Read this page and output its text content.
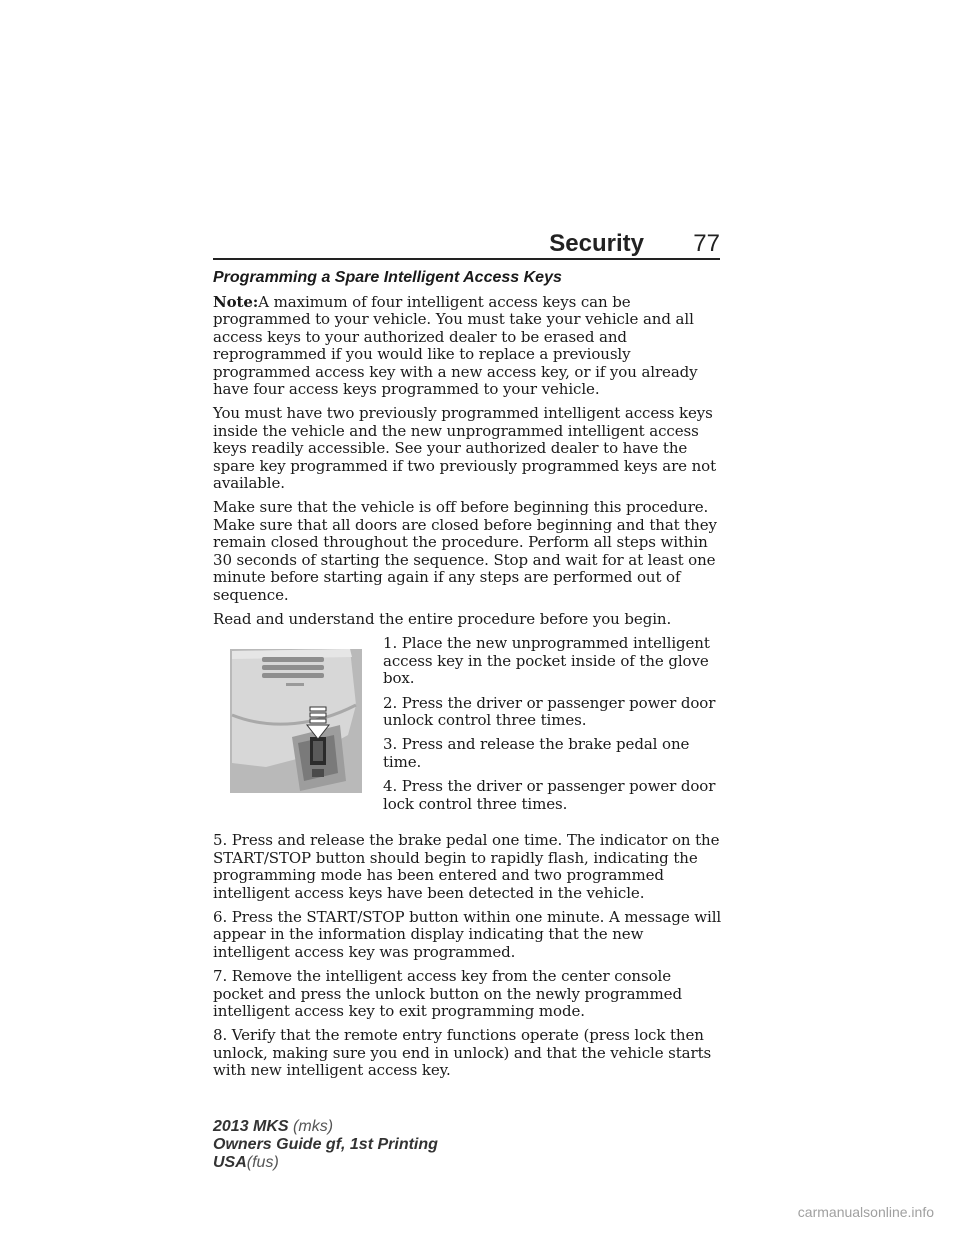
Security 77
Programming a Spare Intelligent Access Keys

Note:A maximum of four intelligent access keys can be programmed to your vehicle. You must take your vehicle and all access keys to your authorized dealer to be erased and reprogrammed if you would like to replace a previously programmed access key with a new access key, or if you already have four access keys programmed to your vehicle.

You must have two previously programmed intelligent access keys inside the vehicle and the new unprogrammed intelligent access keys readily accessible. See your authorized dealer to have the spare key programmed if two previously programmed keys are not available.

Make sure that the vehicle is off before beginning this procedure. Make sure that all doors are closed before beginning and that they remain closed throughout the procedure. Perform all steps within 30 seconds of starting the sequence. Stop and wait for at least one minute before starting again if any steps are performed out of sequence.

Read and understand the entire procedure before you begin.

1. Place the new unprogrammed intelligent access key in the pocket inside of the glove box.

2. Press the driver or passenger power door unlock control three times.

3. Press and release the brake pedal one time.

4. Press the driver or passenger power door lock control three times.

5. Press and release the brake pedal one time. The indicator on the START/STOP button should begin to rapidly flash, indicating the programming mode has been entered and two programmed intelligent access keys have been detected in the vehicle.

6. Press the START/STOP button within one minute. A message will appear in the information display indicating that the new intelligent access key was programmed.

7. Remove the intelligent access key from the center console pocket and press the unlock button on the newly programmed intelligent access key to exit programming mode.

8. Verify that the remote entry functions operate (press lock then unlock, making sure you end in unlock) and that the vehicle starts with new intelligent access key.

2013 MKS (mks)
Owners Guide gf, 1st Printing
USA(fus)
carmanualsonline.info
